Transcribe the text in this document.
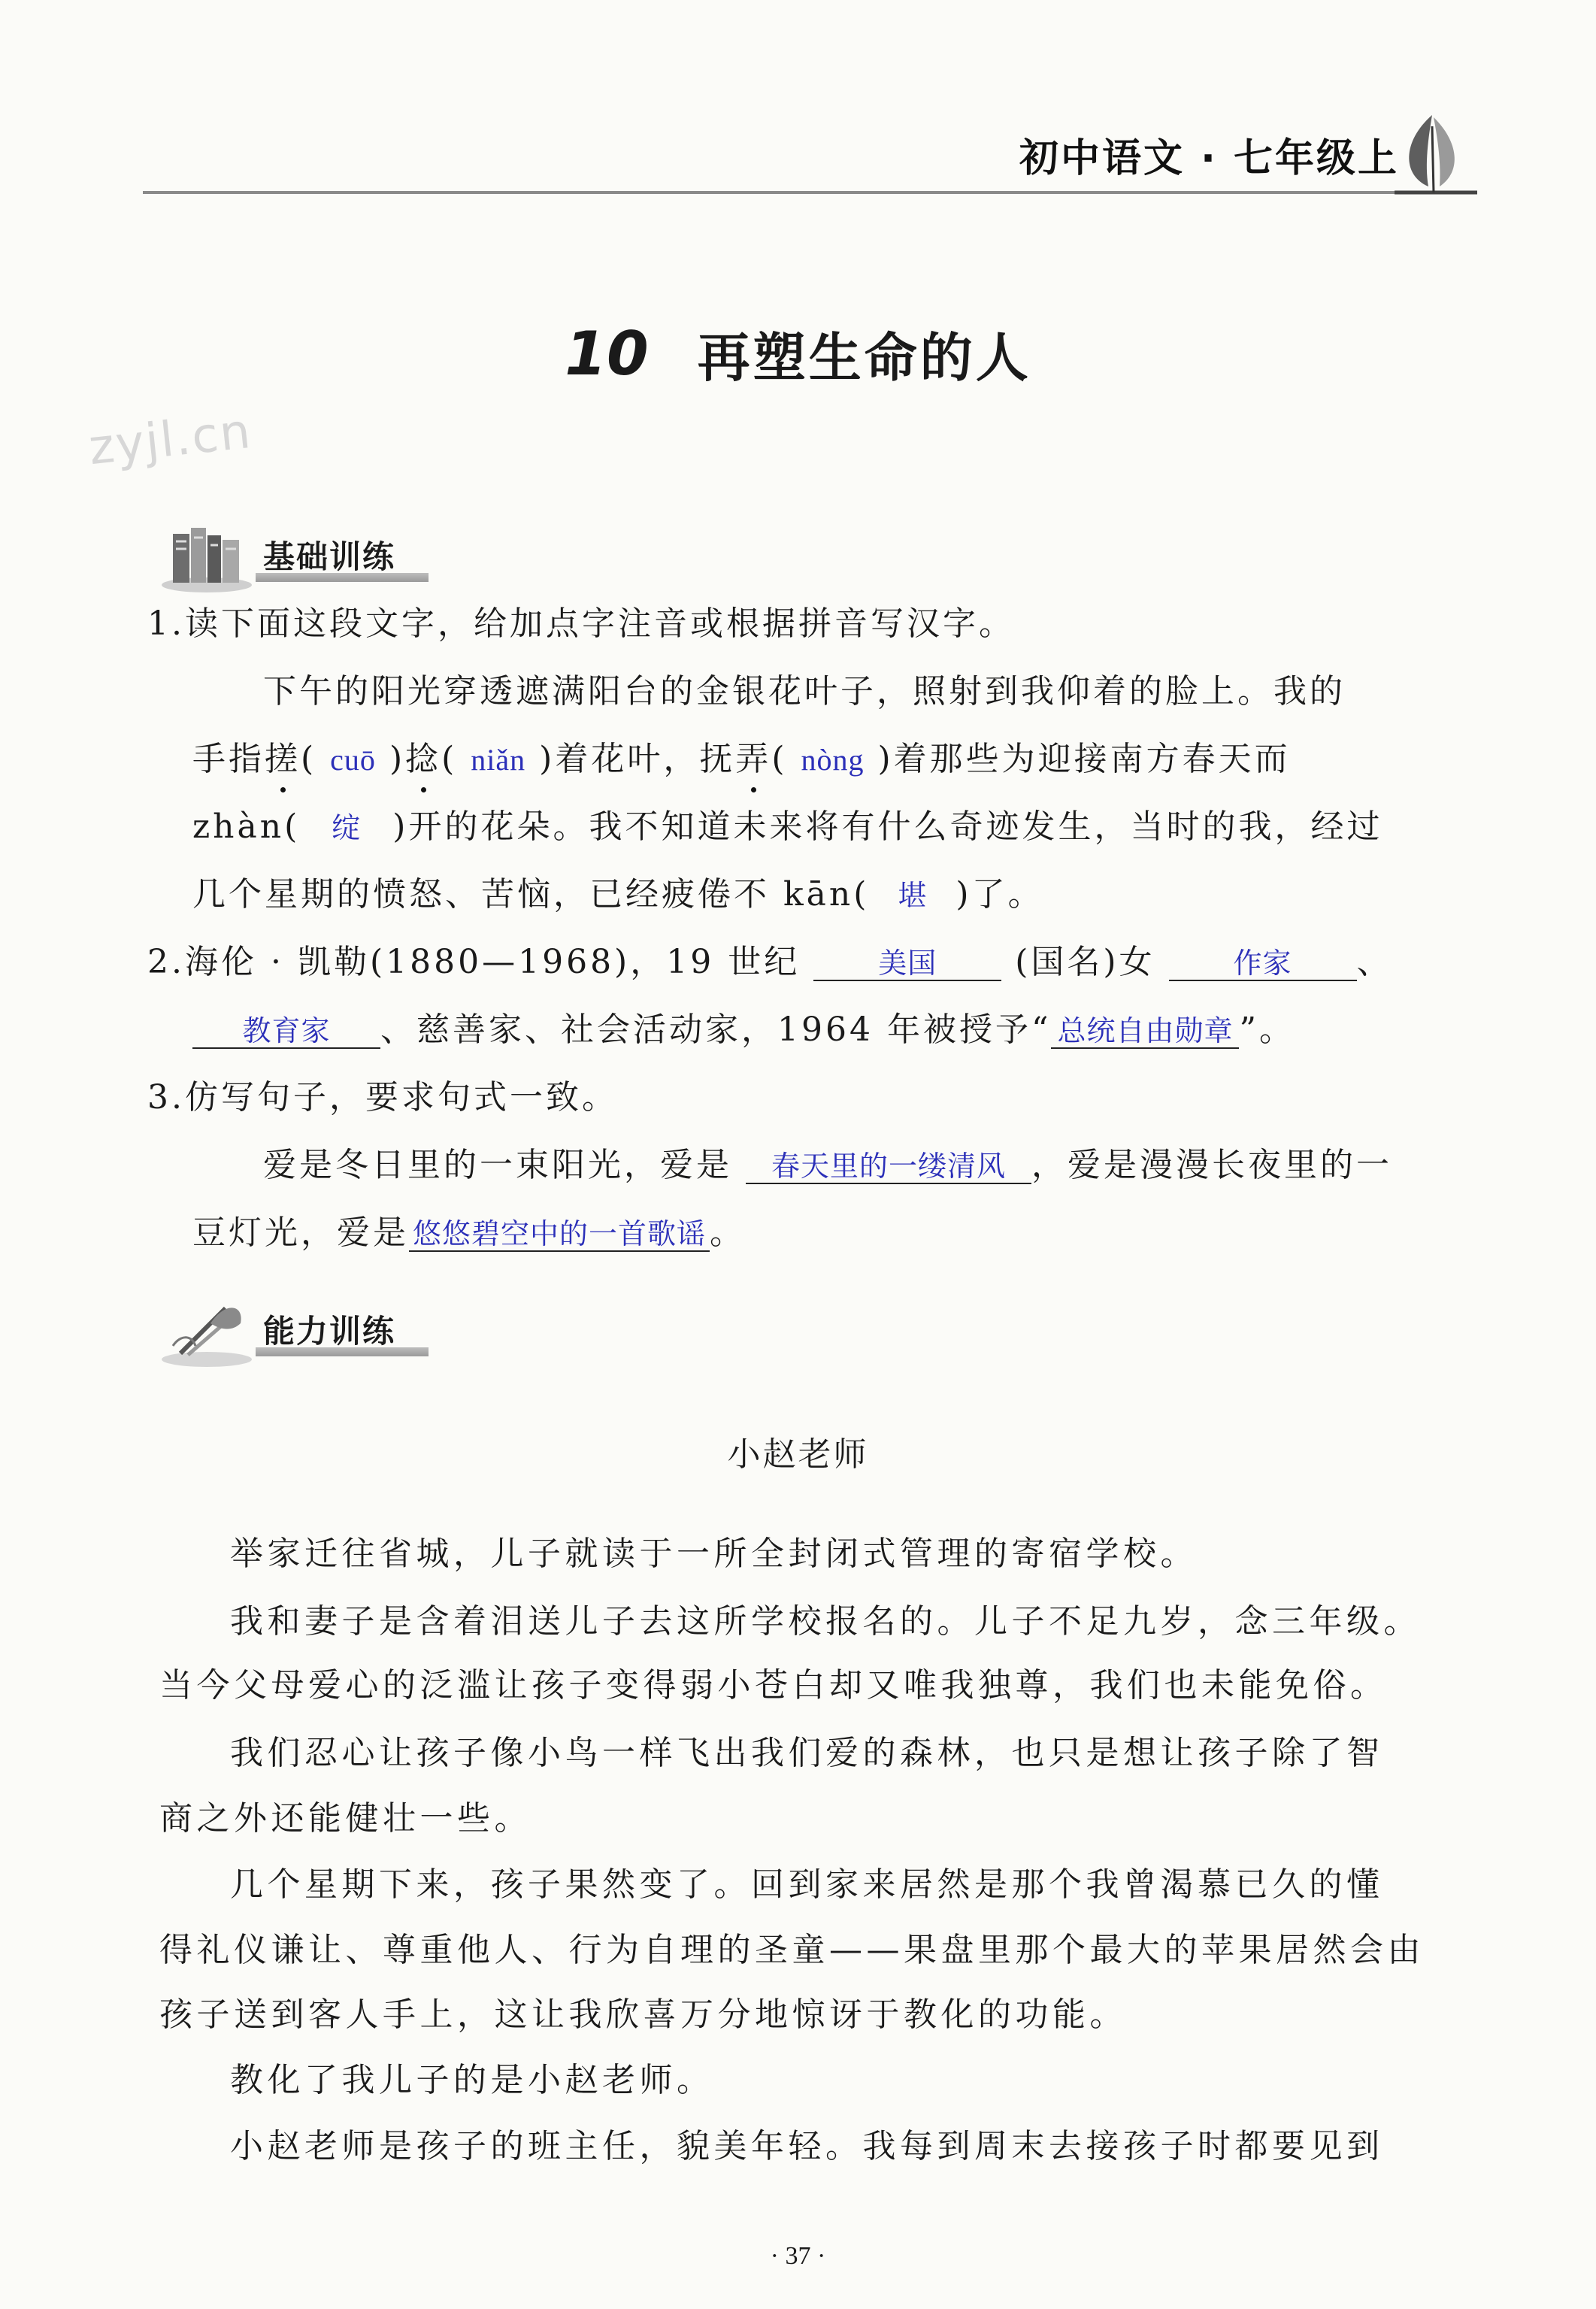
初中语文 · 七年级上
10 再塑生命的人
zyjl.cn
基础训练
1.读下面这段文字，给加点字注音或根据拼音写汉字。
下午的阳光穿透遮满阳台的金银花叶子，照射到我仰着的脸上。我的
手指搓( cuō )捻( niǎn )着花叶，抚弄( nòng )着那些为迎接南方春天而
zhàn( 绽 )开的花朵。我不知道未来将有什么奇迹发生，当时的我，经过
几个星期的愤怒、苦恼，已经疲倦不 kān( 堪 )了。
2.海伦 · 凯勒(1880—1968)，19 世纪	美国 (国名)女	作家 、
教育家 、慈善家、社会活动家，1964 年被授予“ 总统自由勋章 ”。
3.仿写句子，要求句式一致。
爱是冬日里的一束阳光，爱是 春天里的一缕清风 ，爱是漫漫长夜里的一
豆灯光，爱是 悠悠碧空中的一首歌谣 。
能力训练
小赵老师
举家迁往省城，儿子就读于一所全封闭式管理的寄宿学校。
我和妻子是含着泪送儿子去这所学校报名的。儿子不足九岁，念三年级。
当今父母爱心的泛滥让孩子变得弱小苍白却又唯我独尊，我们也未能免俗。
我们忍心让孩子像小鸟一样飞出我们爱的森林，也只是想让孩子除了智
商之外还能健壮一些。
几个星期下来，孩子果然变了。回到家来居然是那个我曾渴慕已久的懂
得礼仪谦让、尊重他人、行为自理的圣童——果盘里那个最大的苹果居然会由
孩子送到客人手上，这让我欣喜万分地惊讶于教化的功能。
教化了我儿子的是小赵老师。
小赵老师是孩子的班主任，貌美年轻。我每到周末去接孩子时都要见到
· 37 ·
